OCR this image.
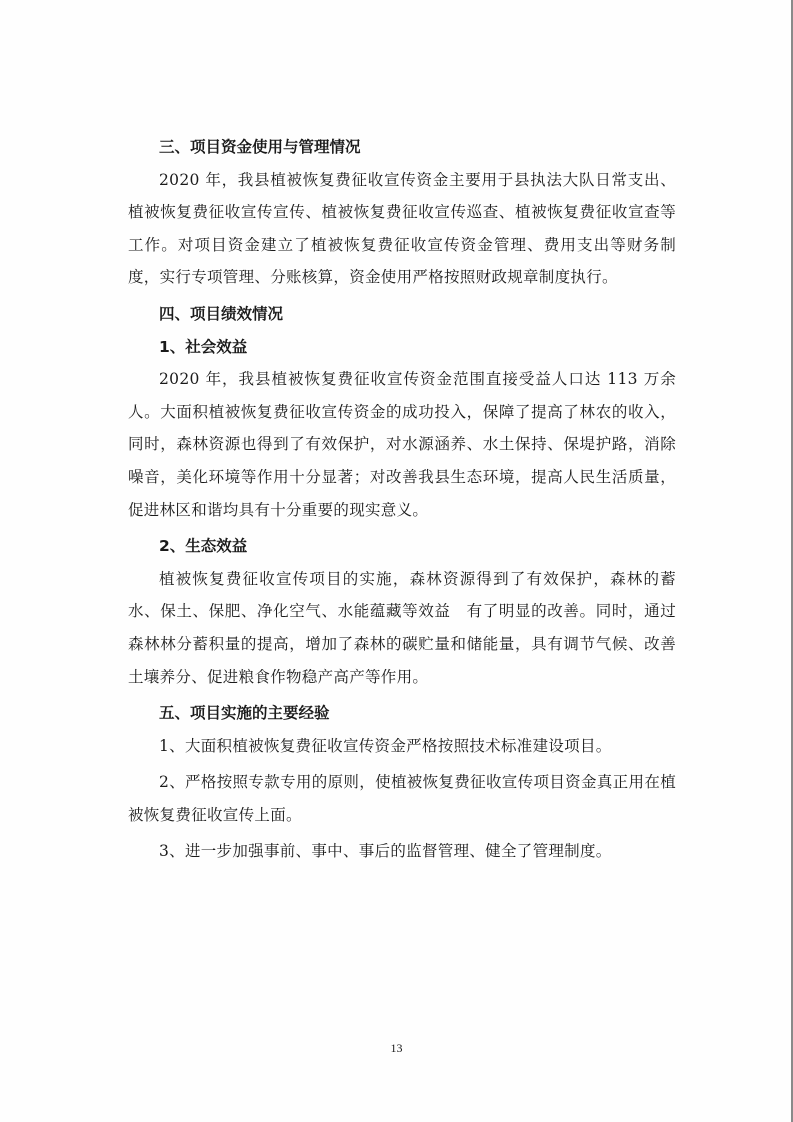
三、项目资金使用与管理情况

2020 年，我县植被恢复费征收宣传资金主要用于县执法大队日常支出、植被恢复费征收宣传宣传、植被恢复费征收宣传巡查、植被恢复费征收宣查等工作。对项目资金建立了植被恢复费征收宣传资金管理、费用支出等财务制度，实行专项管理、分账核算，资金使用严格按照财政规章制度执行。

四、项目绩效情况

1、社会效益

2020 年，我县植被恢复费征收宣传资金范围直接受益人口达 113 万余人。大面积植被恢复费征收宣传资金的成功投入，保障了提高了林农的收入，同时，森林资源也得到了有效保护，对水源涵养、水土保持、保堤护路，消除噪音，美化环境等作用十分显著；对改善我县生态环境，提高人民生活质量，促进林区和谐均具有十分重要的现实意义。

2、生态效益

植被恢复费征收宣传项目的实施，森林资源得到了有效保护，森林的蓄水、保土、保肥、净化空气、水能蕴藏等效益　有了明显的改善。同时，通过森林林分蓄积量的提高，增加了森林的碳贮量和储能量，具有调节气候、改善土壤养分、促进粮食作物稳产高产等作用。

五、项目实施的主要经验

1、大面积植被恢复费征收宣传资金严格按照技术标准建设项目。

2、严格按照专款专用的原则，使植被恢复费征收宣传项目资金真正用在植被恢复费征收宣传上面。

3、进一步加强事前、事中、事后的监督管理、健全了管理制度。

13
